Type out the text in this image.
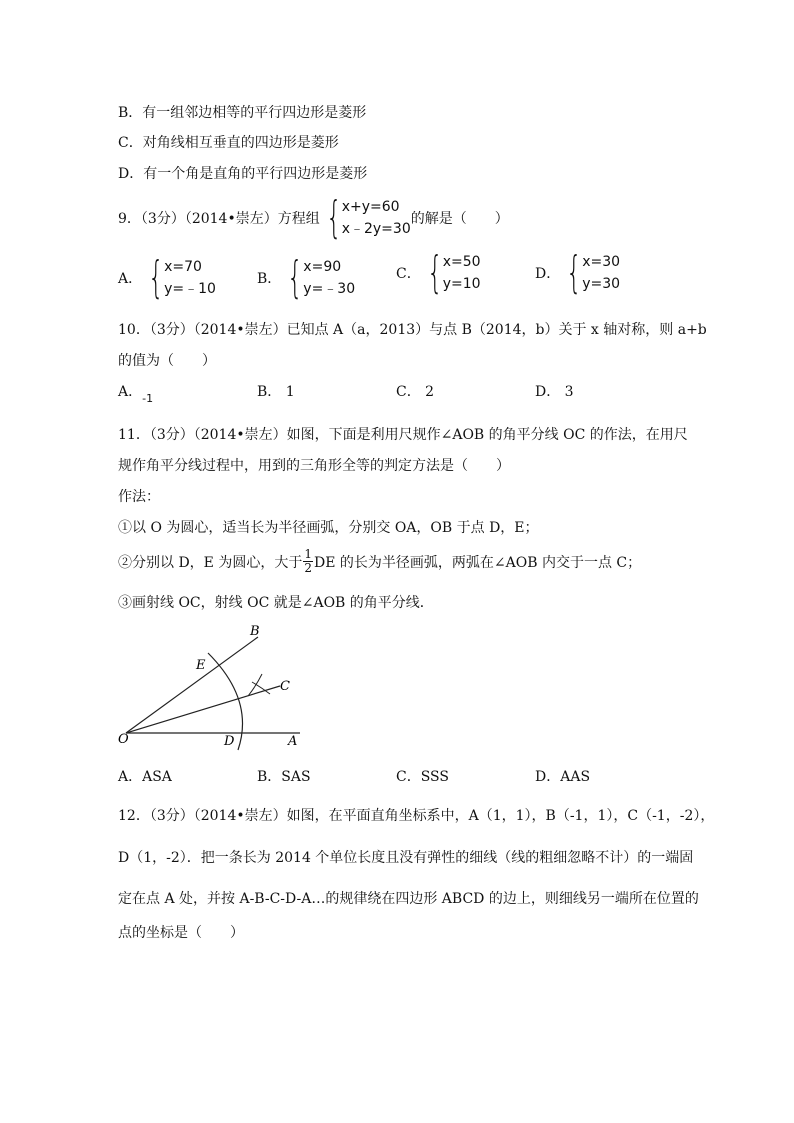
B．有一组邻边相等的平行四边形是菱形
C．对角线相互垂直的四边形是菱形
D．有一个角是直角的平行四边形是菱形
9．（3分）（2014•崇左）方程组 { x+y=60
x﹣2y=30
的解是（　　）
A． { x=70
y=﹣10
B． { x=90
y=﹣30
C． { x=50
y=10
D． { x=30
y=30
10．（3分）（2014•崇左）已知点 A（a，2013）与点 B（2014，b）关于 x 轴对称，则 a+b
的值为（　　）
A．$_{-1}$	B． 1	C． 2	D． 3
11．（3分）（2014•崇左）如图，下面是利用尺规作∠AOB 的角平分线 OC 的作法，在用尺
规作角平分线过程中，用到的三角形全等的判定方法是（　　）
作法：
①以 O 为圆心，适当长为半径画弧，分别交 OA，OB 于点 D，E；
②分别以 D，E 为圆心，大于 $\frac{1}{2}$ DE 的长为半径画弧，两弧在∠AOB 内交于一点 C；
③画射线 OC，射线 OC 就是∠AOB 的角平分线．
B
E
C
O	D	A
A．ASA	B．SAS	C．SSS	D．AAS
12．（3分）（2014•崇左）如图，在平面直角坐标系中，A（1，1），B（-1，1），C（-1，-2），
D（1，-2）．把一条长为 2014 个单位长度且没有弹性的细线（线的粗细忽略不计）的一端固
定在点 A 处，并按 A-B-C-D-A…的规律绕在四边形 ABCD 的边上，则细线另一端所在位置的
点的坐标是（　　）
